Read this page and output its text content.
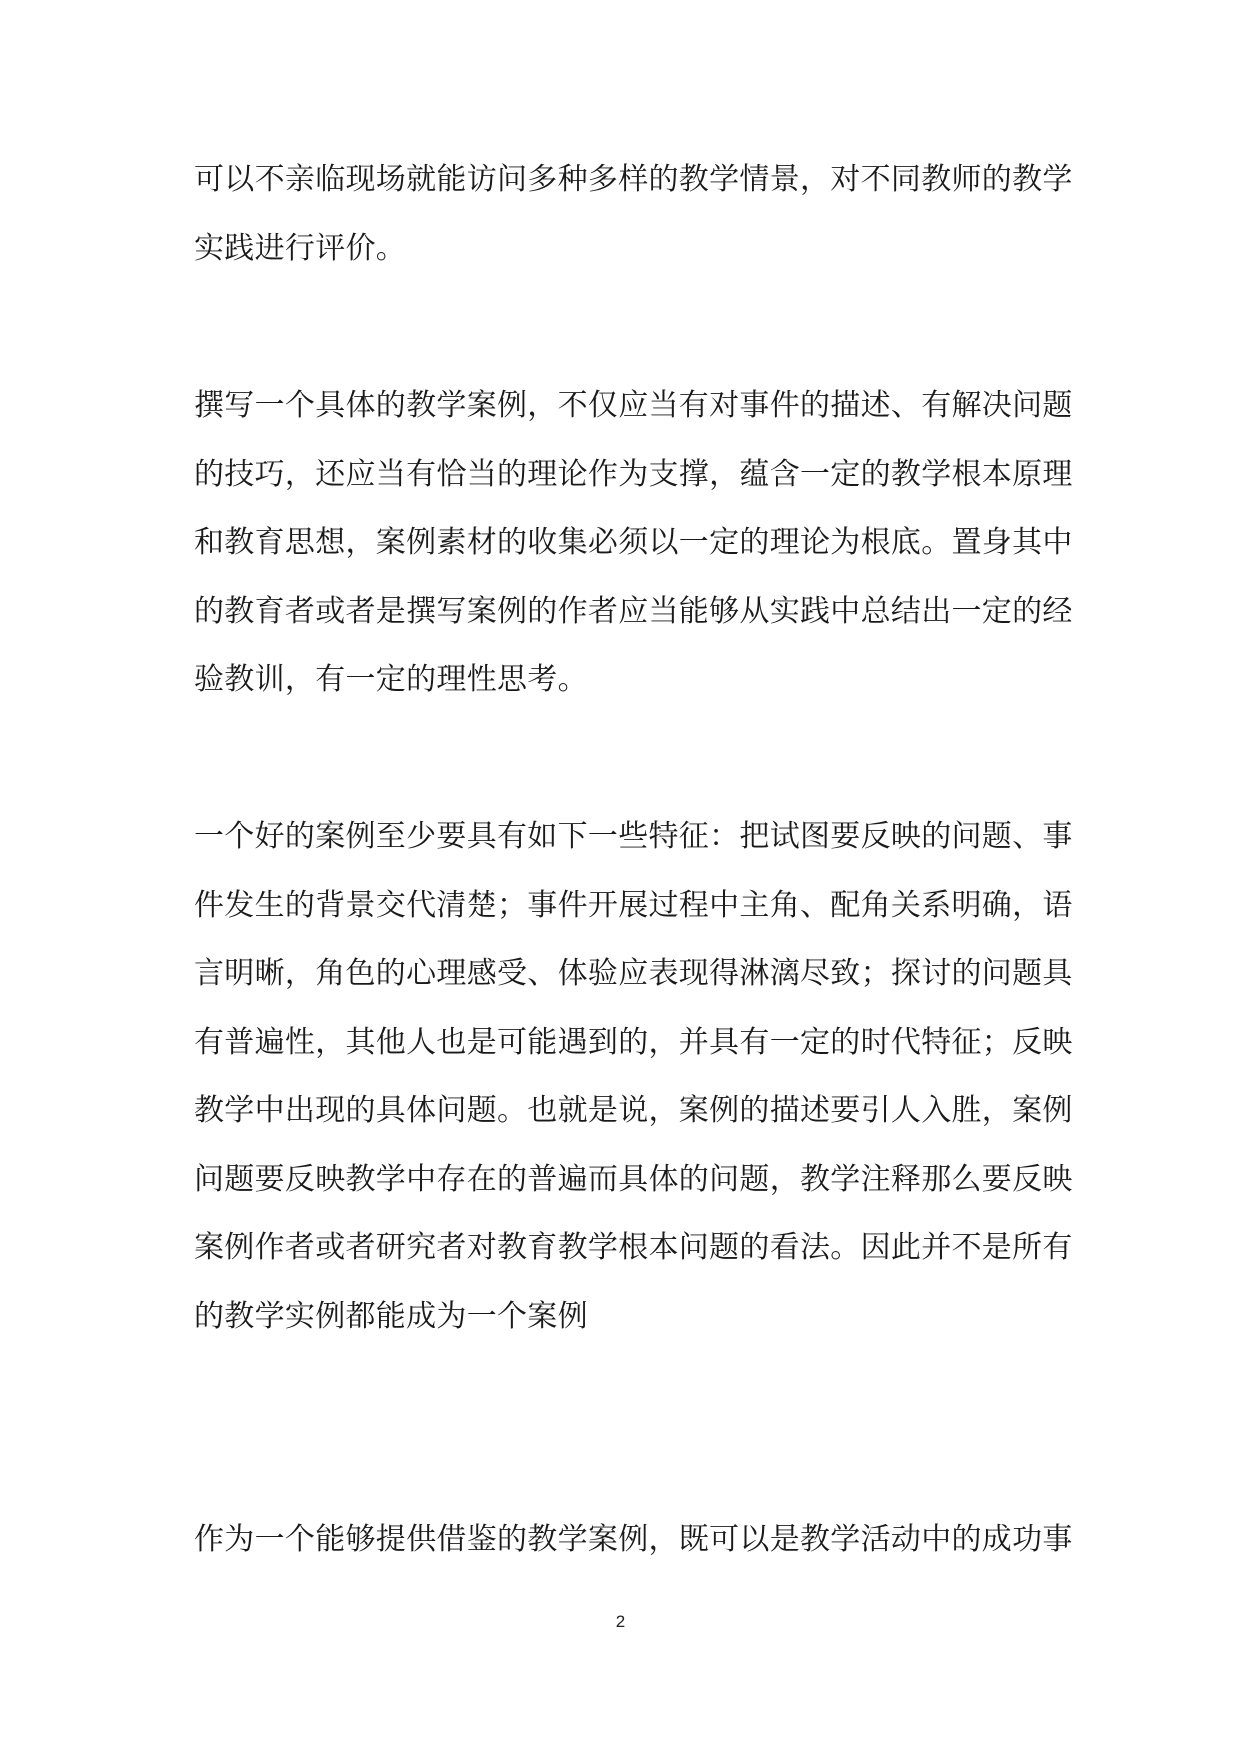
可以不亲临现场就能访问多种多样的教学情景，对不同教师的教学
实践进行评价。
撰写一个具体的教学案例，不仅应当有对事件的描述、有解决问题
的技巧，还应当有恰当的理论作为支撑，蕴含一定的教学根本原理
和教育思想，案例素材的收集必须以一定的理论为根底。置身其中
的教育者或者是撰写案例的作者应当能够从实践中总结出一定的经
验教训，有一定的理性思考。
一个好的案例至少要具有如下一些特征：把试图要反映的问题、事
件发生的背景交代清楚；事件开展过程中主角、配角关系明确，语
言明晰，角色的心理感受、体验应表现得淋漓尽致；探讨的问题具
有普遍性，其他人也是可能遇到的，并具有一定的时代特征；反映
教学中出现的具体问题。也就是说，案例的描述要引人入胜，案例
问题要反映教学中存在的普遍而具体的问题，教学注释那么要反映
案例作者或者研究者对教育教学根本问题的看法。因此并不是所有
的教学实例都能成为一个案例
作为一个能够提供借鉴的教学案例，既可以是教学活动中的成功事
2
